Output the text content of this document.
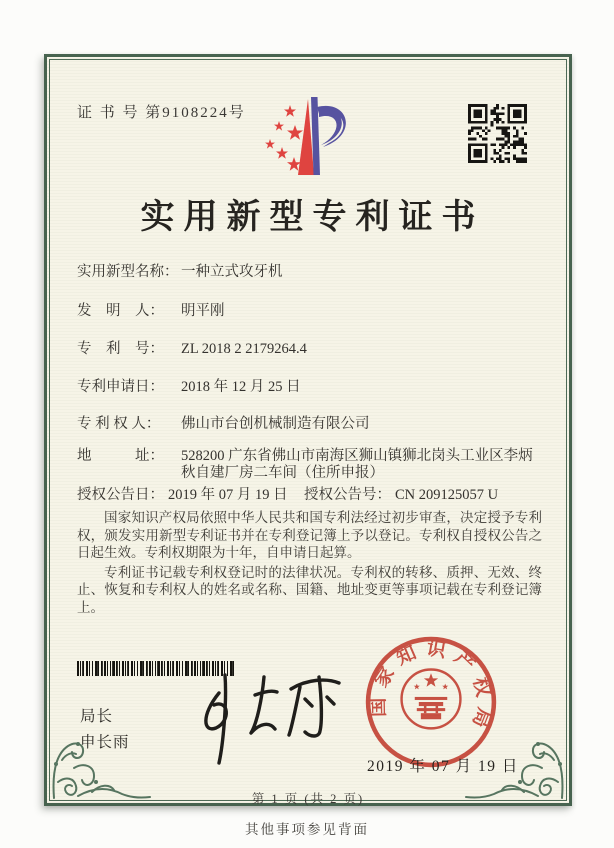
证 书 号 第9108224号
实用新型专利证书
实用新型名称： 一种立式攻牙机
发　明　人：	明平刚
专　利　号：	ZL 2018 2 2179264.4
专利申请日：	2018 年 12 月 25 日
专 利 权 人：	佛山市台创机械制造有限公司
地　　　址：	528200 广东省佛山市南海区狮山镇狮北岗头工业区李炳秋自建厂房二车间（住所申报）
授权公告日： 2019 年 07 月 19 日 授权公告号： CN 209125057 U

国家知识产权局依照中华人民共和国专利法经过初步审查，决定授予专利权，颁发实用新型专利证书并在专利登记簿上予以登记。专利权自授权公告之日起生效。专利权期限为十年，自申请日起算。

专利证书记载专利权登记时的法律状况。专利权的转移、质押、无效、终止、恢复和专利权人的姓名或名称、国籍、地址变更等事项记载在专利登记簿上。

局长
申长雨
国家知识产权局
2019 年 07 月 19 日
第 1 页 (共 2 页)
其他事项参见背面
